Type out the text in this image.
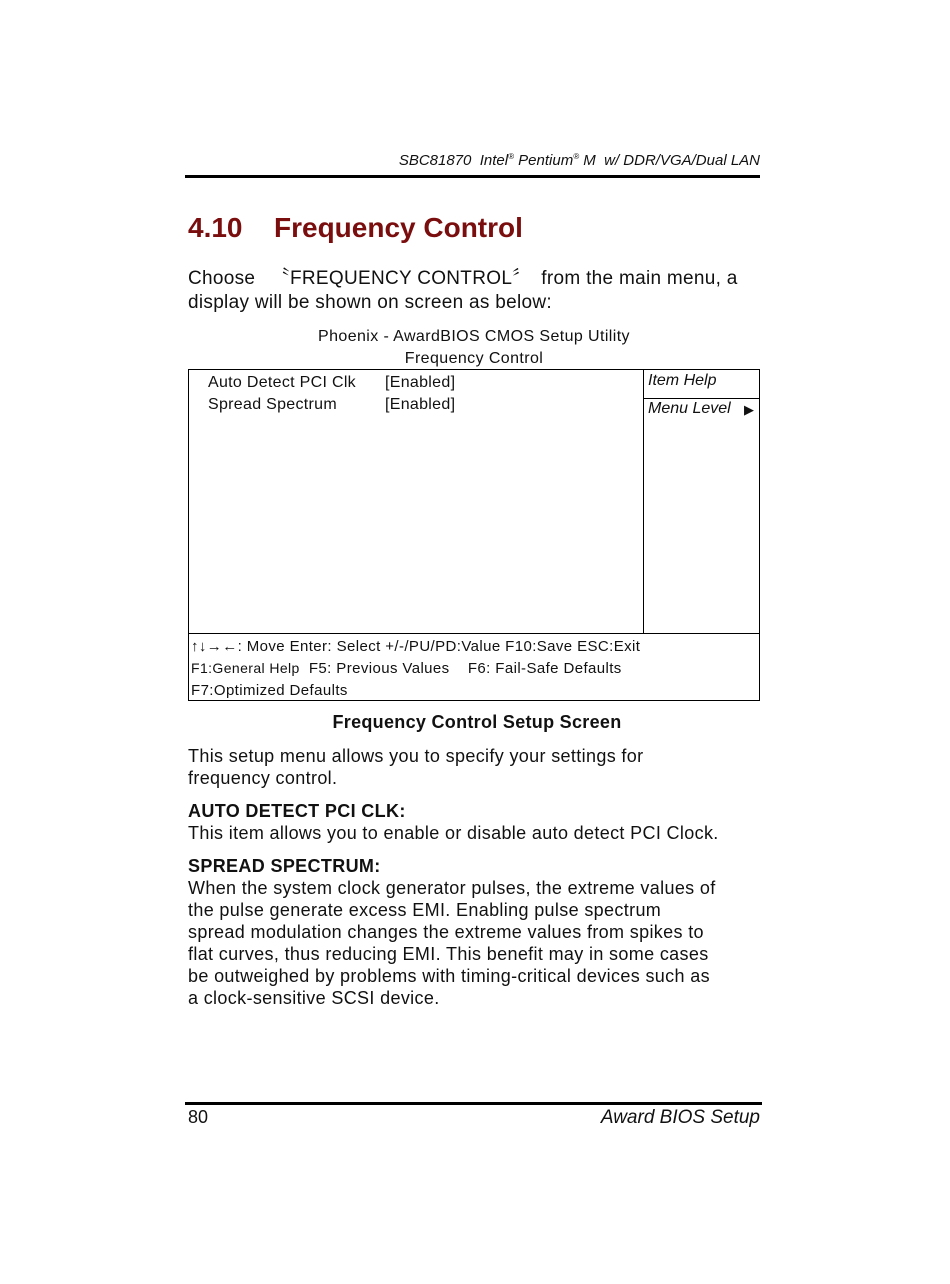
SBC81870 Intel® Pentium® M w/ DDR/VGA/Dual LAN
4.10 Frequency Control
Choose 　〝FREQUENCY CONTROL〞　from the main menu, a
display will be shown on screen as below:
Phoenix - AwardBIOS CMOS Setup Utility
Frequency Control
Auto Detect PCI Clk [Enabled]
Spread Spectrum	[Enabled]
Item Help
Menu Level ▶
↑↓→←: Move Enter: Select +/-/PU/PD:Value F10:Save ESC:Exit
F1:General Help  F5: Previous Values    F6: Fail-Safe Defaults
F7:Optimized Defaults
Frequency Control Setup Screen
This setup menu allows you to specify your settings for
frequency control.
AUTO DETECT PCI CLK:
This item allows you to enable or disable auto detect PCI Clock.
SPREAD SPECTRUM:
When the system clock generator pulses, the extreme values of
the pulse generate excess EMI. Enabling pulse spectrum
spread modulation changes the extreme values from spikes to
flat curves, thus reducing EMI. This benefit may in some cases
be outweighed by problems with timing-critical devices such as
a clock-sensitive SCSI device.
80	Award BIOS Setup
